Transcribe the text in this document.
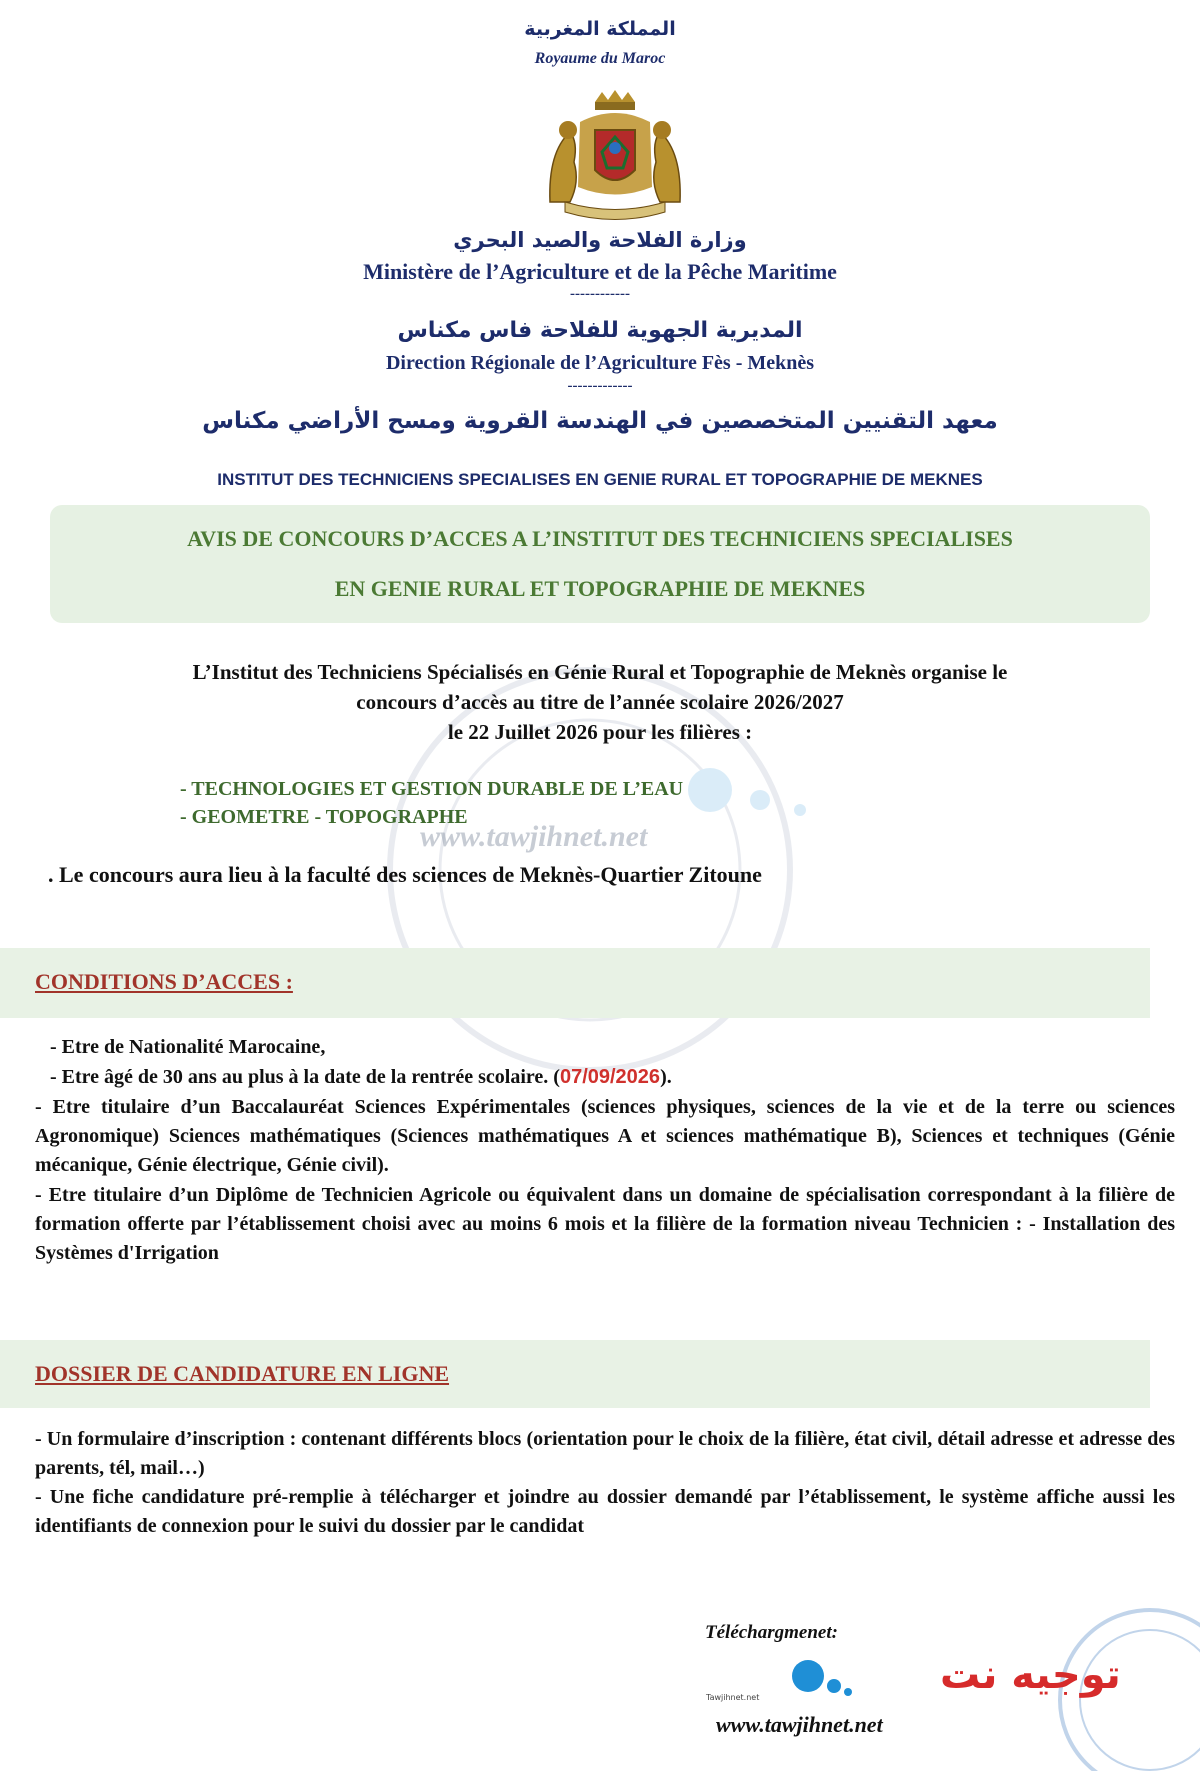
المملكة المغربية
Royaume du Maroc
وزارة الفلاحة والصيد البحري
Ministère de l’Agriculture et de la Pêche Maritime
------------
المديرية الجهوية للفلاحة فاس مكناس
Direction Régionale de l’Agriculture Fès - Meknès
-------------
معهد التقنيين المتخصصين في الهندسة القروية ومسح الأراضي مكناس
INSTITUT DES TECHNICIENS SPECIALISES EN GENIE RURAL ET TOPOGRAPHIE DE MEKNES
AVIS DE CONCOURS D’ACCES A L’INSTITUT DES TECHNICIENS SPECIALISES
EN GENIE RURAL ET TOPOGRAPHIE DE MEKNES
www.tawjihnet.net
L’Institut des Techniciens Spécialisés en Génie Rural et Topographie de Meknès organise le
concours d’accès au titre de l’année scolaire 2026/2027
le 22 Juillet 2026 pour les filières :
- TECHNOLOGIES ET GESTION DURABLE DE L’EAU
- GEOMETRE - TOPOGRAPHE
. Le concours aura lieu à la faculté des sciences de Meknès-Quartier Zitoune
CONDITIONS D’ACCES :
- Etre de Nationalité Marocaine,
- Etre âgé de 30 ans au plus à la date de la rentrée scolaire. (07/09/2026).
- Etre titulaire d’un Baccalauréat Sciences Expérimentales (sciences physiques, sciences de la vie et de la terre ou sciences Agronomique) Sciences mathématiques (Sciences mathématiques A et sciences mathématique B), Sciences et techniques (Génie mécanique, Génie électrique, Génie civil).
- Etre titulaire d’un Diplôme de Technicien Agricole ou équivalent dans un domaine de spécialisation correspondant à la filière de formation offerte par l’établissement choisi avec au moins 6 mois et la filière de la formation niveau Technicien : - Installation des Systèmes d'Irrigation
DOSSIER DE CANDIDATURE EN LIGNE
- Un formulaire d’inscription : contenant différents blocs (orientation pour le choix de la filière, état civil, détail adresse et adresse des parents, tél, mail…)
- Une fiche candidature pré-remplie à télécharger et joindre au dossier demandé par l’établissement, le système affiche aussi les identifiants de connexion pour le suivi du dossier par le candidat
Téléchargmenet:
توجيه نت
Tawjihnet.net
www.tawjihnet.net
